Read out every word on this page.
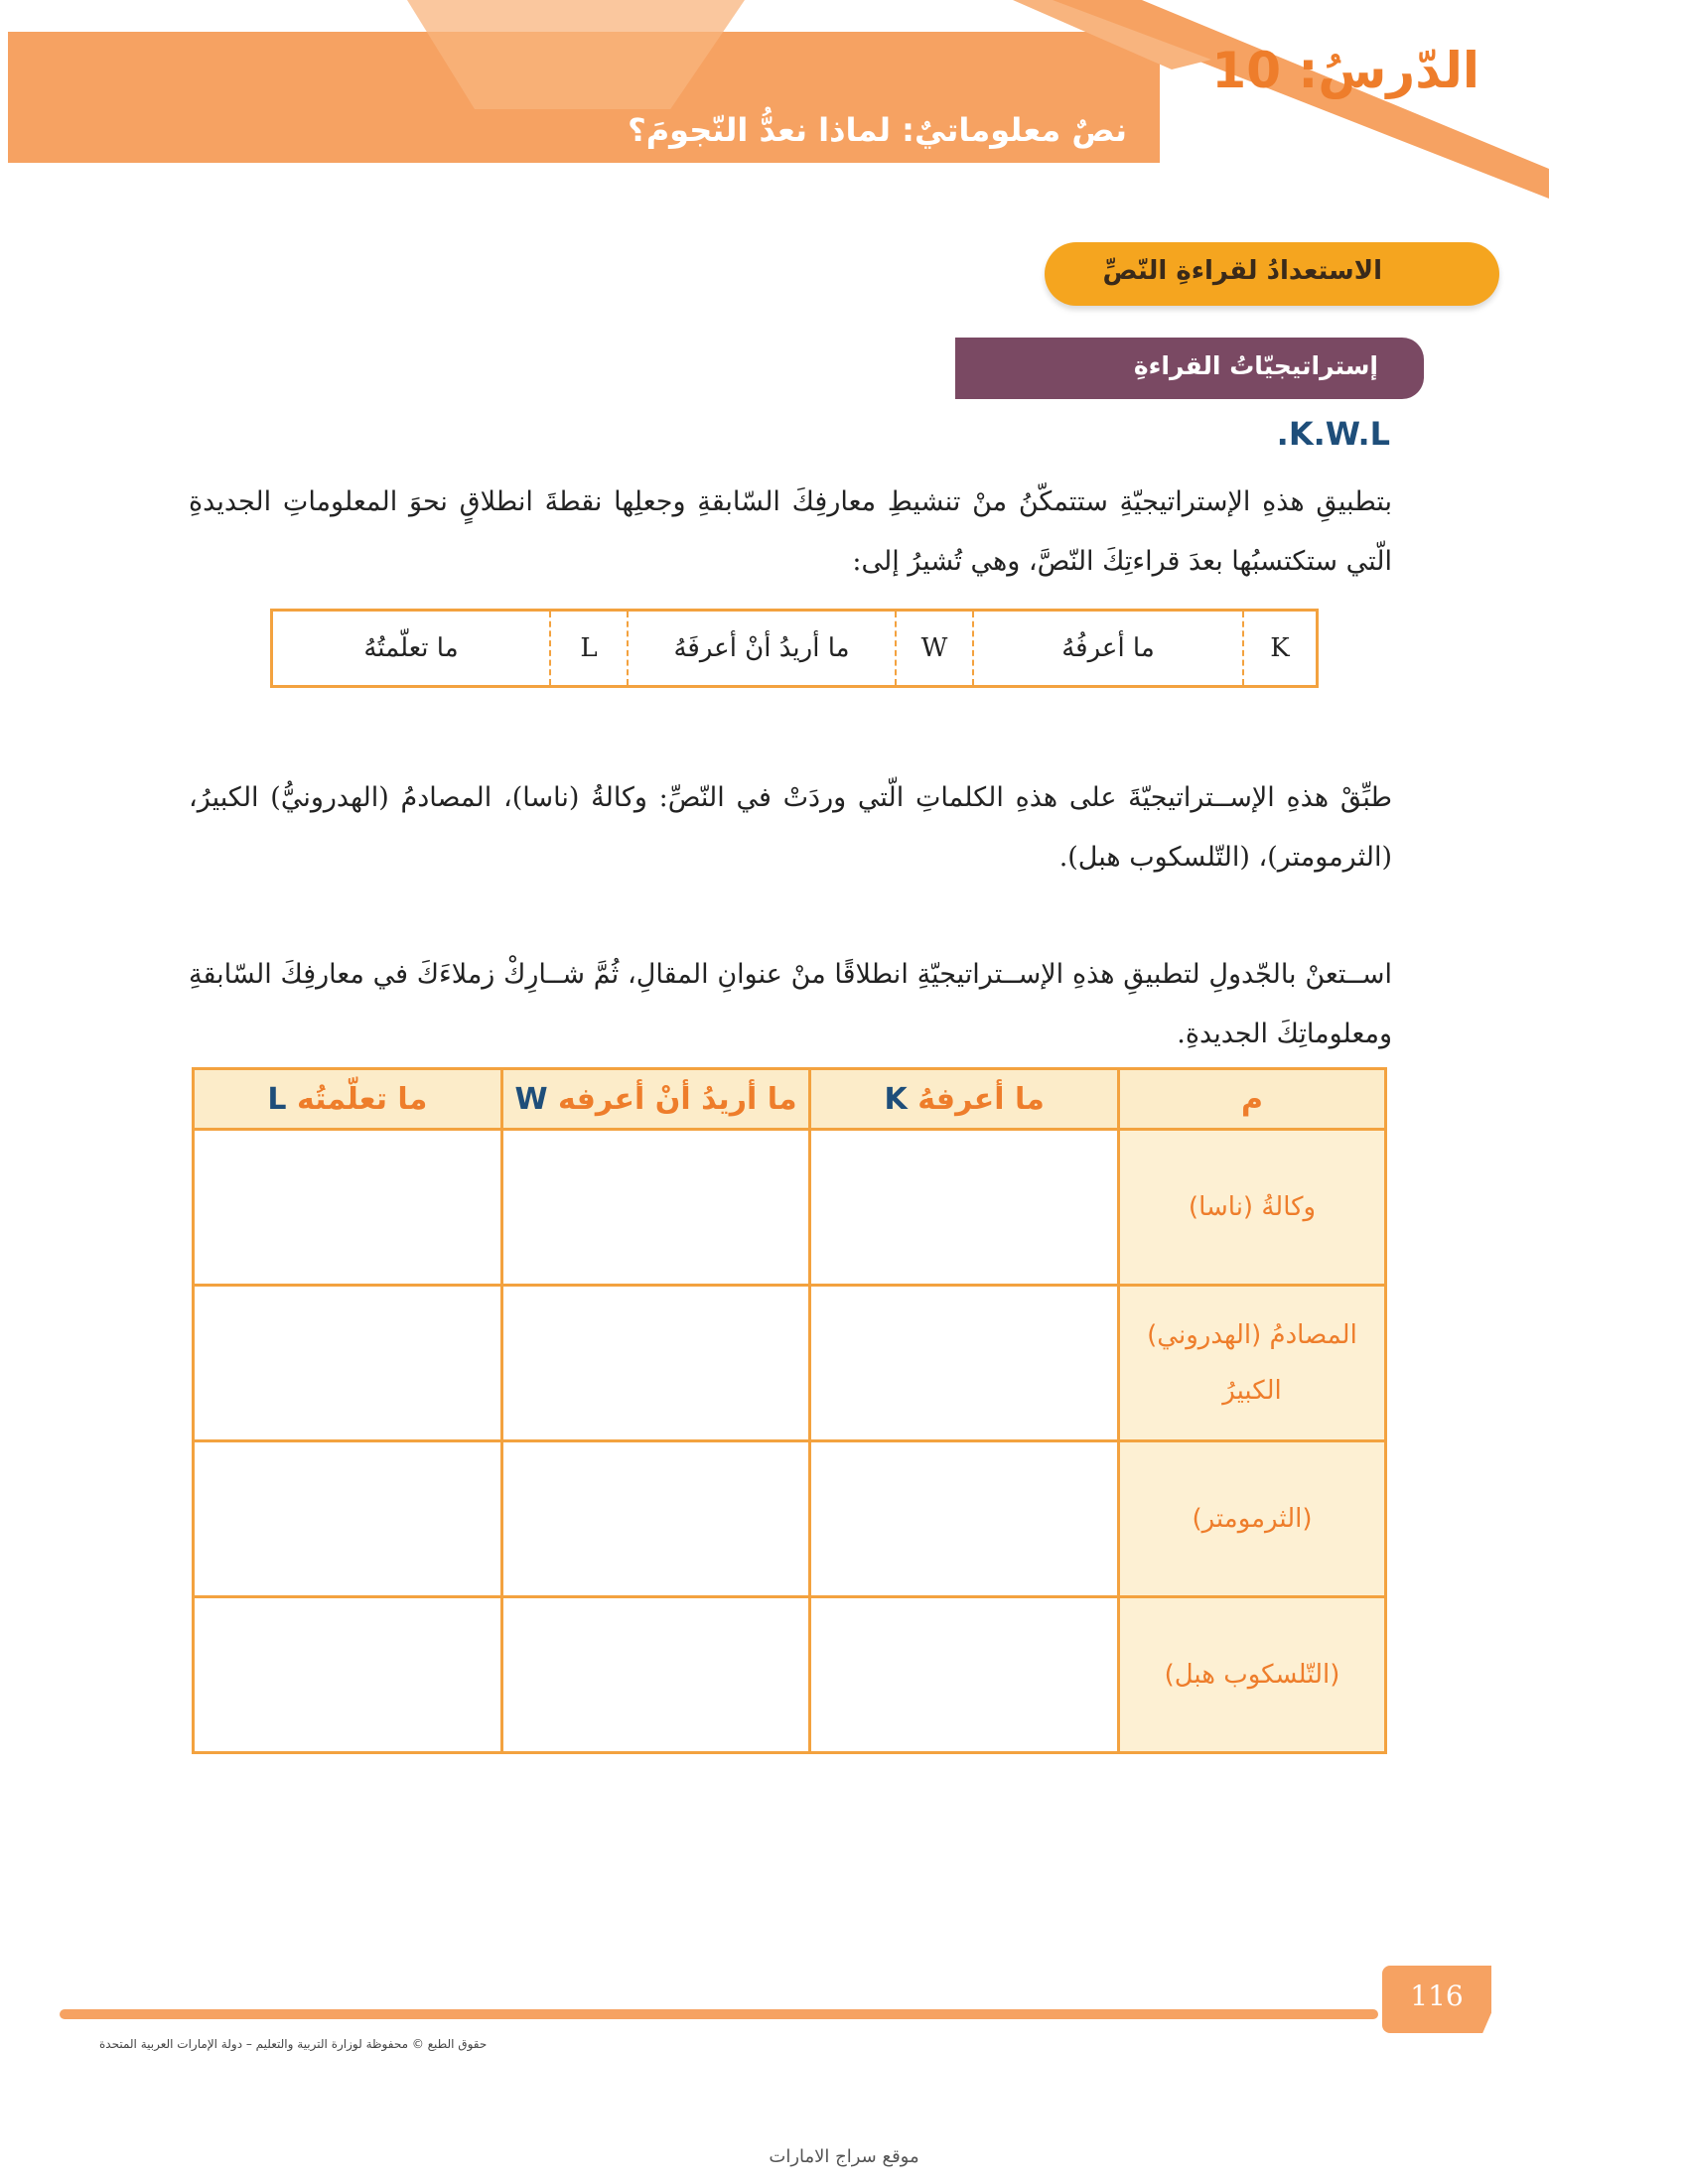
الدّرسُ: 10
نصٌ معلوماتيٌ: لماذا نعدُّ النّجومَ؟
الاستعدادُ لقراءةِ النّصِّ
إستراتيجيّاتُ القراءةِ
.K.W.L
بتطبيقِ هذهِ الإستراتيجيّةِ ستتمكّنُ منْ تنشيطِ معارفِكَ السّابقةِ وجعلِها نقطةَ انطلاقٍ نحوَ المعلوماتِ الجديدةِ الّتي ستكتسبُها بعدَ قراءتِكَ النّصَّ، وهي تُشيرُ إلى:
K
ما أعرفُهُ
W
ما أريدُ أنْ أعرفَهُ
L
ما تعلّمتُهُ
طبِّقْ هذهِ الإســتراتيجيّةَ على هذهِ الكلماتِ الّتي وردَتْ في النّصِّ: وكالةُ (ناسا)، المصادمُ (الهدرونيُّ) الكبيرُ، (الثرمومتر)، (التّلسكوب هبل).
اســتعنْ بالجّدولِ لتطبيقِ هذهِ الإســتراتيجيّةِ انطلاقًا منْ عنوانِ المقالِ، ثُمَّ شــارِكْ زملاءَكَ في معارفِكَ السّابقةِ ومعلوماتِكَ الجديدةِ.
م	ما أعرفهُ K	ما أريدُ أنْ أعرفه W	ما تعلّمتُه L
وكالةُ (ناسا)			
المصادمُ (الهدروني) الكبيرُ			
(الثرمومتر)			
(التّلسكوب هبل)			
116
حقوق الطبع © محفوظة لوزارة التربية والتعليم – دولة الإمارات العربية المتحدة
موقع سراج الامارات
